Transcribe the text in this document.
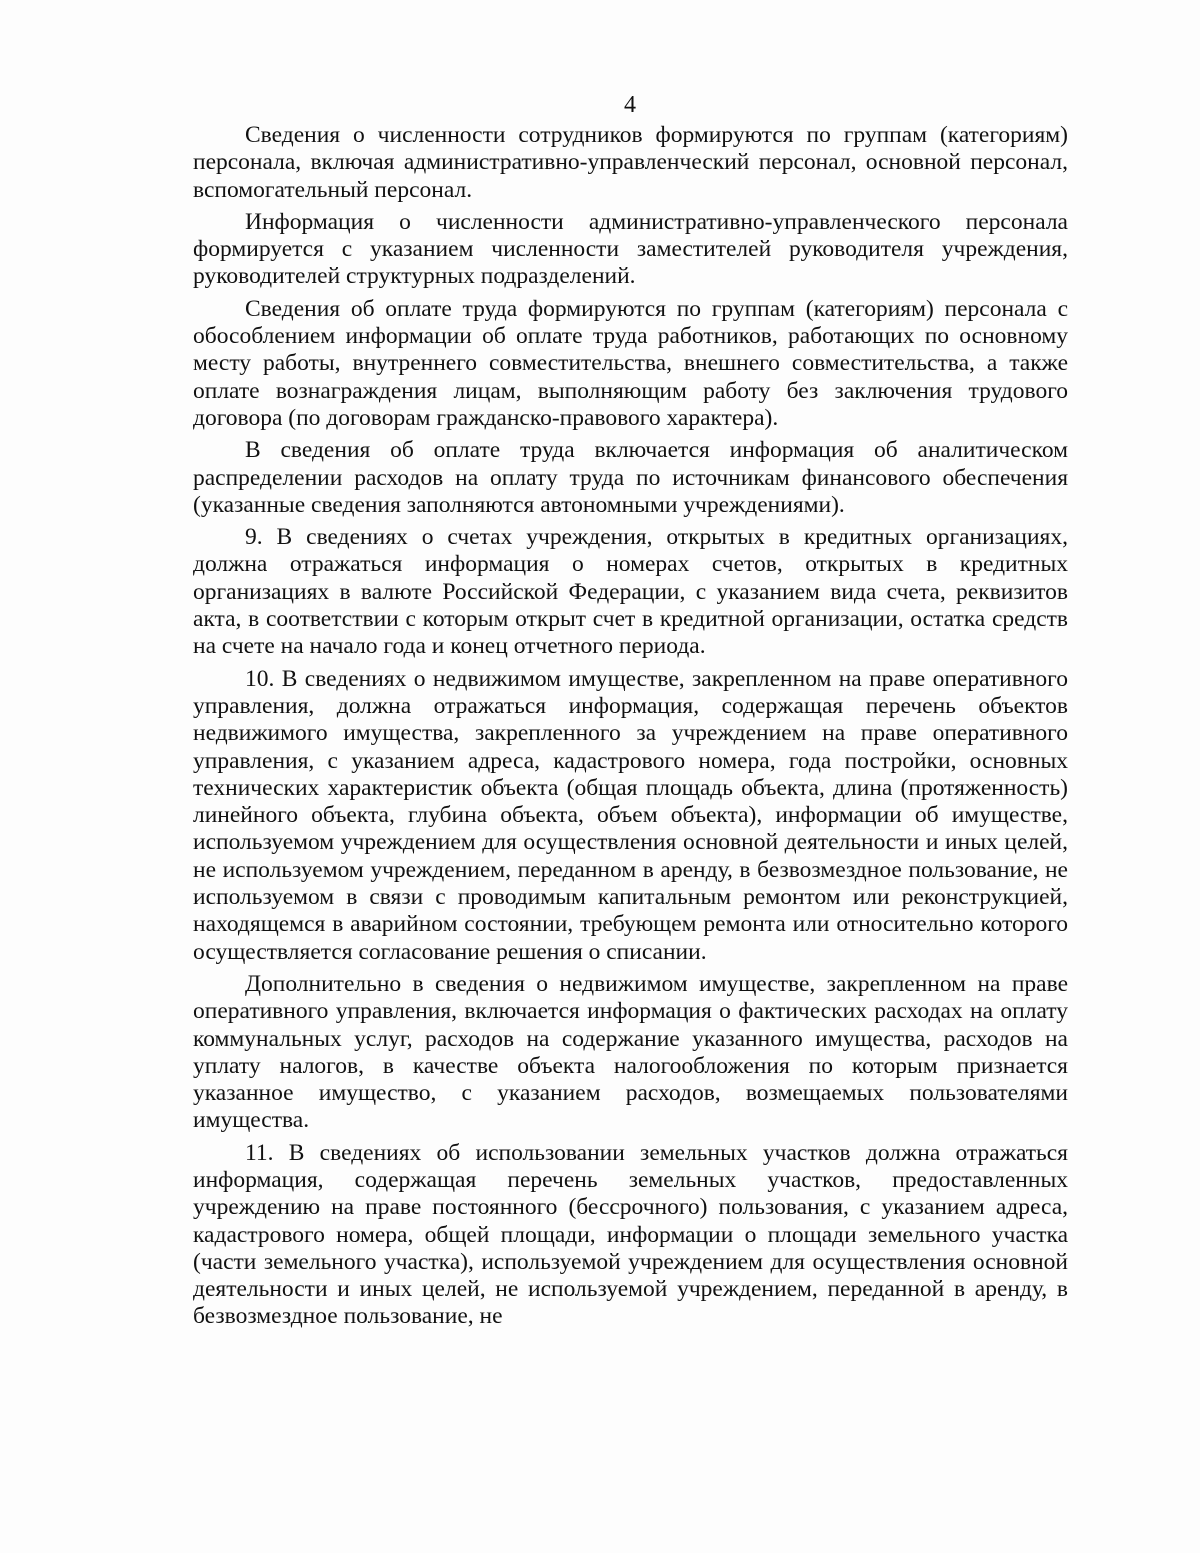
4

Сведения о численности сотрудников формируются по группам (категориям) персонала, включая административно-управленческий персонал, основной персонал, вспомогательный персонал.

Информация о численности административно-управленческого персонала формируется с указанием численности заместителей руководителя учреждения, руководителей структурных подразделений.

Сведения об оплате труда формируются по группам (категориям) персонала с обособлением информации об оплате труда работников, работающих по основному месту работы, внутреннего совместительства, внешнего совместительства, а также оплате вознаграждения лицам, выполняющим работу без заключения трудового договора (по договорам гражданско-правового характера).

В сведения об оплате труда включается информация об аналитическом распределении расходов на оплату труда по источникам финансового обеспечения (указанные сведения заполняются автономными учреждениями).

9. В сведениях о счетах учреждения, открытых в кредитных организациях, должна отражаться информация о номерах счетов, открытых в кредитных организациях в валюте Российской Федерации, с указанием вида счета, реквизитов акта, в соответствии с которым открыт счет в кредитной организации, остатка средств на счете на начало года и конец отчетного периода.

10. В сведениях о недвижимом имуществе, закрепленном на праве оперативного управления, должна отражаться информация, содержащая перечень объектов недвижимого имущества, закрепленного за учреждением на праве оперативного управления, с указанием адреса, кадастрового номера, года постройки, основных технических характеристик объекта (общая площадь объекта, длина (протяженность) линейного объекта, глубина объекта, объем объекта), информации об имуществе, используемом учреждением для осуществления основной деятельности и иных целей, не используемом учреждением, переданном в аренду, в безвозмездное пользование, не используемом в связи с проводимым капитальным ремонтом или реконструкцией, находящемся в аварийном состоянии, требующем ремонта или относительно которого осуществляется согласование решения о списании.

Дополнительно в сведения о недвижимом имуществе, закрепленном на праве оперативного управления, включается информация о фактических расходах на оплату коммунальных услуг, расходов на содержание указанного имущества, расходов на уплату налогов, в качестве объекта налогообложения по которым признается указанное имущество, с указанием расходов, возмещаемых пользователями имущества.

11. В сведениях об использовании земельных участков должна отражаться информация, содержащая перечень земельных участков, предоставленных учреждению на праве постоянного (бессрочного) пользования, с указанием адреса, кадастрового номера, общей площади, информации о площади земельного участка (части земельного участка), используемой учреждением для осуществления основной деятельности и иных целей, не используемой учреждением, переданной в аренду, в безвозмездное пользование, не
